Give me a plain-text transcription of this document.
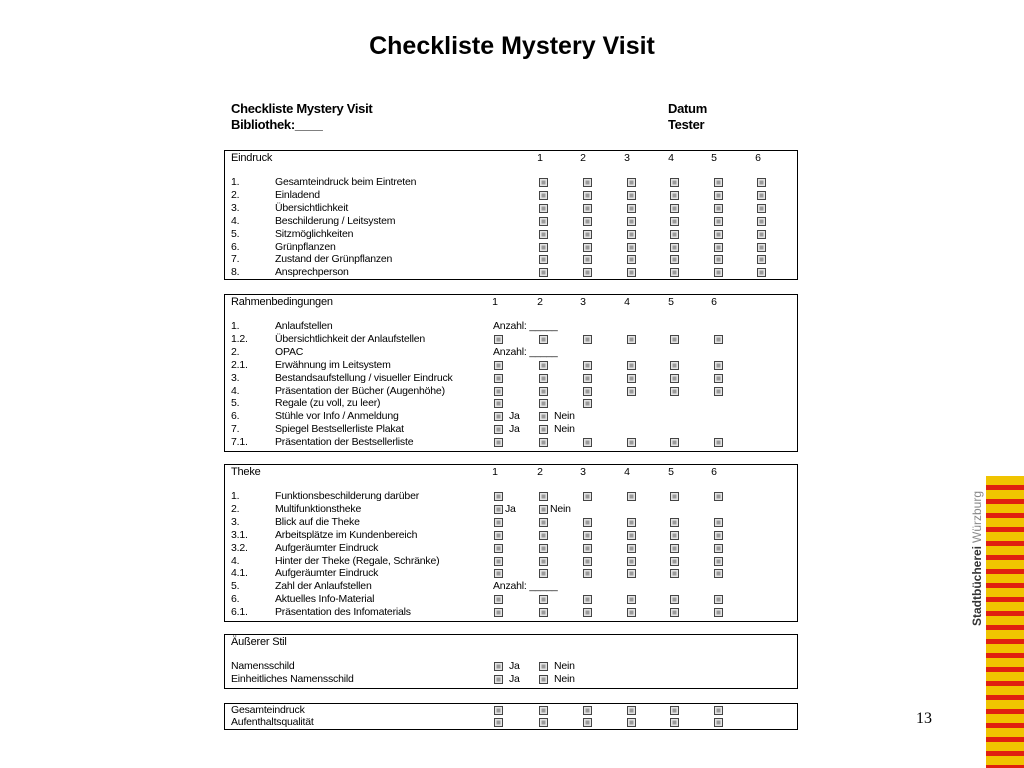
Checkliste Mystery Visit
Checkliste Mystery Visit
Bibliothek:____
Datum
Tester
Eindruck	1	2	3	4	5	6
1.	Gesamteindruck beim Eintreten
2.	Einladend
3.	Übersichtlichkeit
4.	Beschilderung / Leitsystem
5.	Sitzmöglichkeiten
6.	Grünpflanzen
7.	Zustand der Grünpflanzen
8.	Ansprechperson
Rahmenbedingungen	1	2	3	4	5	6
1.	Anlaufstellen	Anzahl: _____
1.2.	Übersichtlichkeit der Anlaufstellen
2.	OPAC	Anzahl: _____
2.1.	Erwähnung im Leitsystem
3.	Bestandsaufstellung / visueller Eindruck
4.	Präsentation der Bücher (Augenhöhe)
5.	Regale (zu voll, zu leer)
6.	Stühle vor Info / Anmeldung	Ja	Nein
7.	Spiegel Bestsellerliste Plakat	Ja	Nein
7.1.	Präsentation der Bestsellerliste
Theke	1	2	3	4	5	6
1.	Funktionsbeschilderung darüber
2.	Multifunktionstheke	Ja	Nein
3.	Blick auf die Theke
3.1.	Arbeitsplätze im Kundenbereich
3.2.	Aufgeräumter Eindruck
4.	Hinter der Theke (Regale, Schränke)
4.1.	Aufgeräumter Eindruck
5.	Zahl der Anlaufstellen	Anzahl: _____
6.	Aktuelles Info-Material
6.1.	Präsentation des Infomaterials
Äußerer Stil
Namensschild	Ja	Nein
Einheitliches Namensschild	Ja	Nein
Gesamteindruck
Aufenthaltsqualität	13
StadtbüchereiWürzburg
